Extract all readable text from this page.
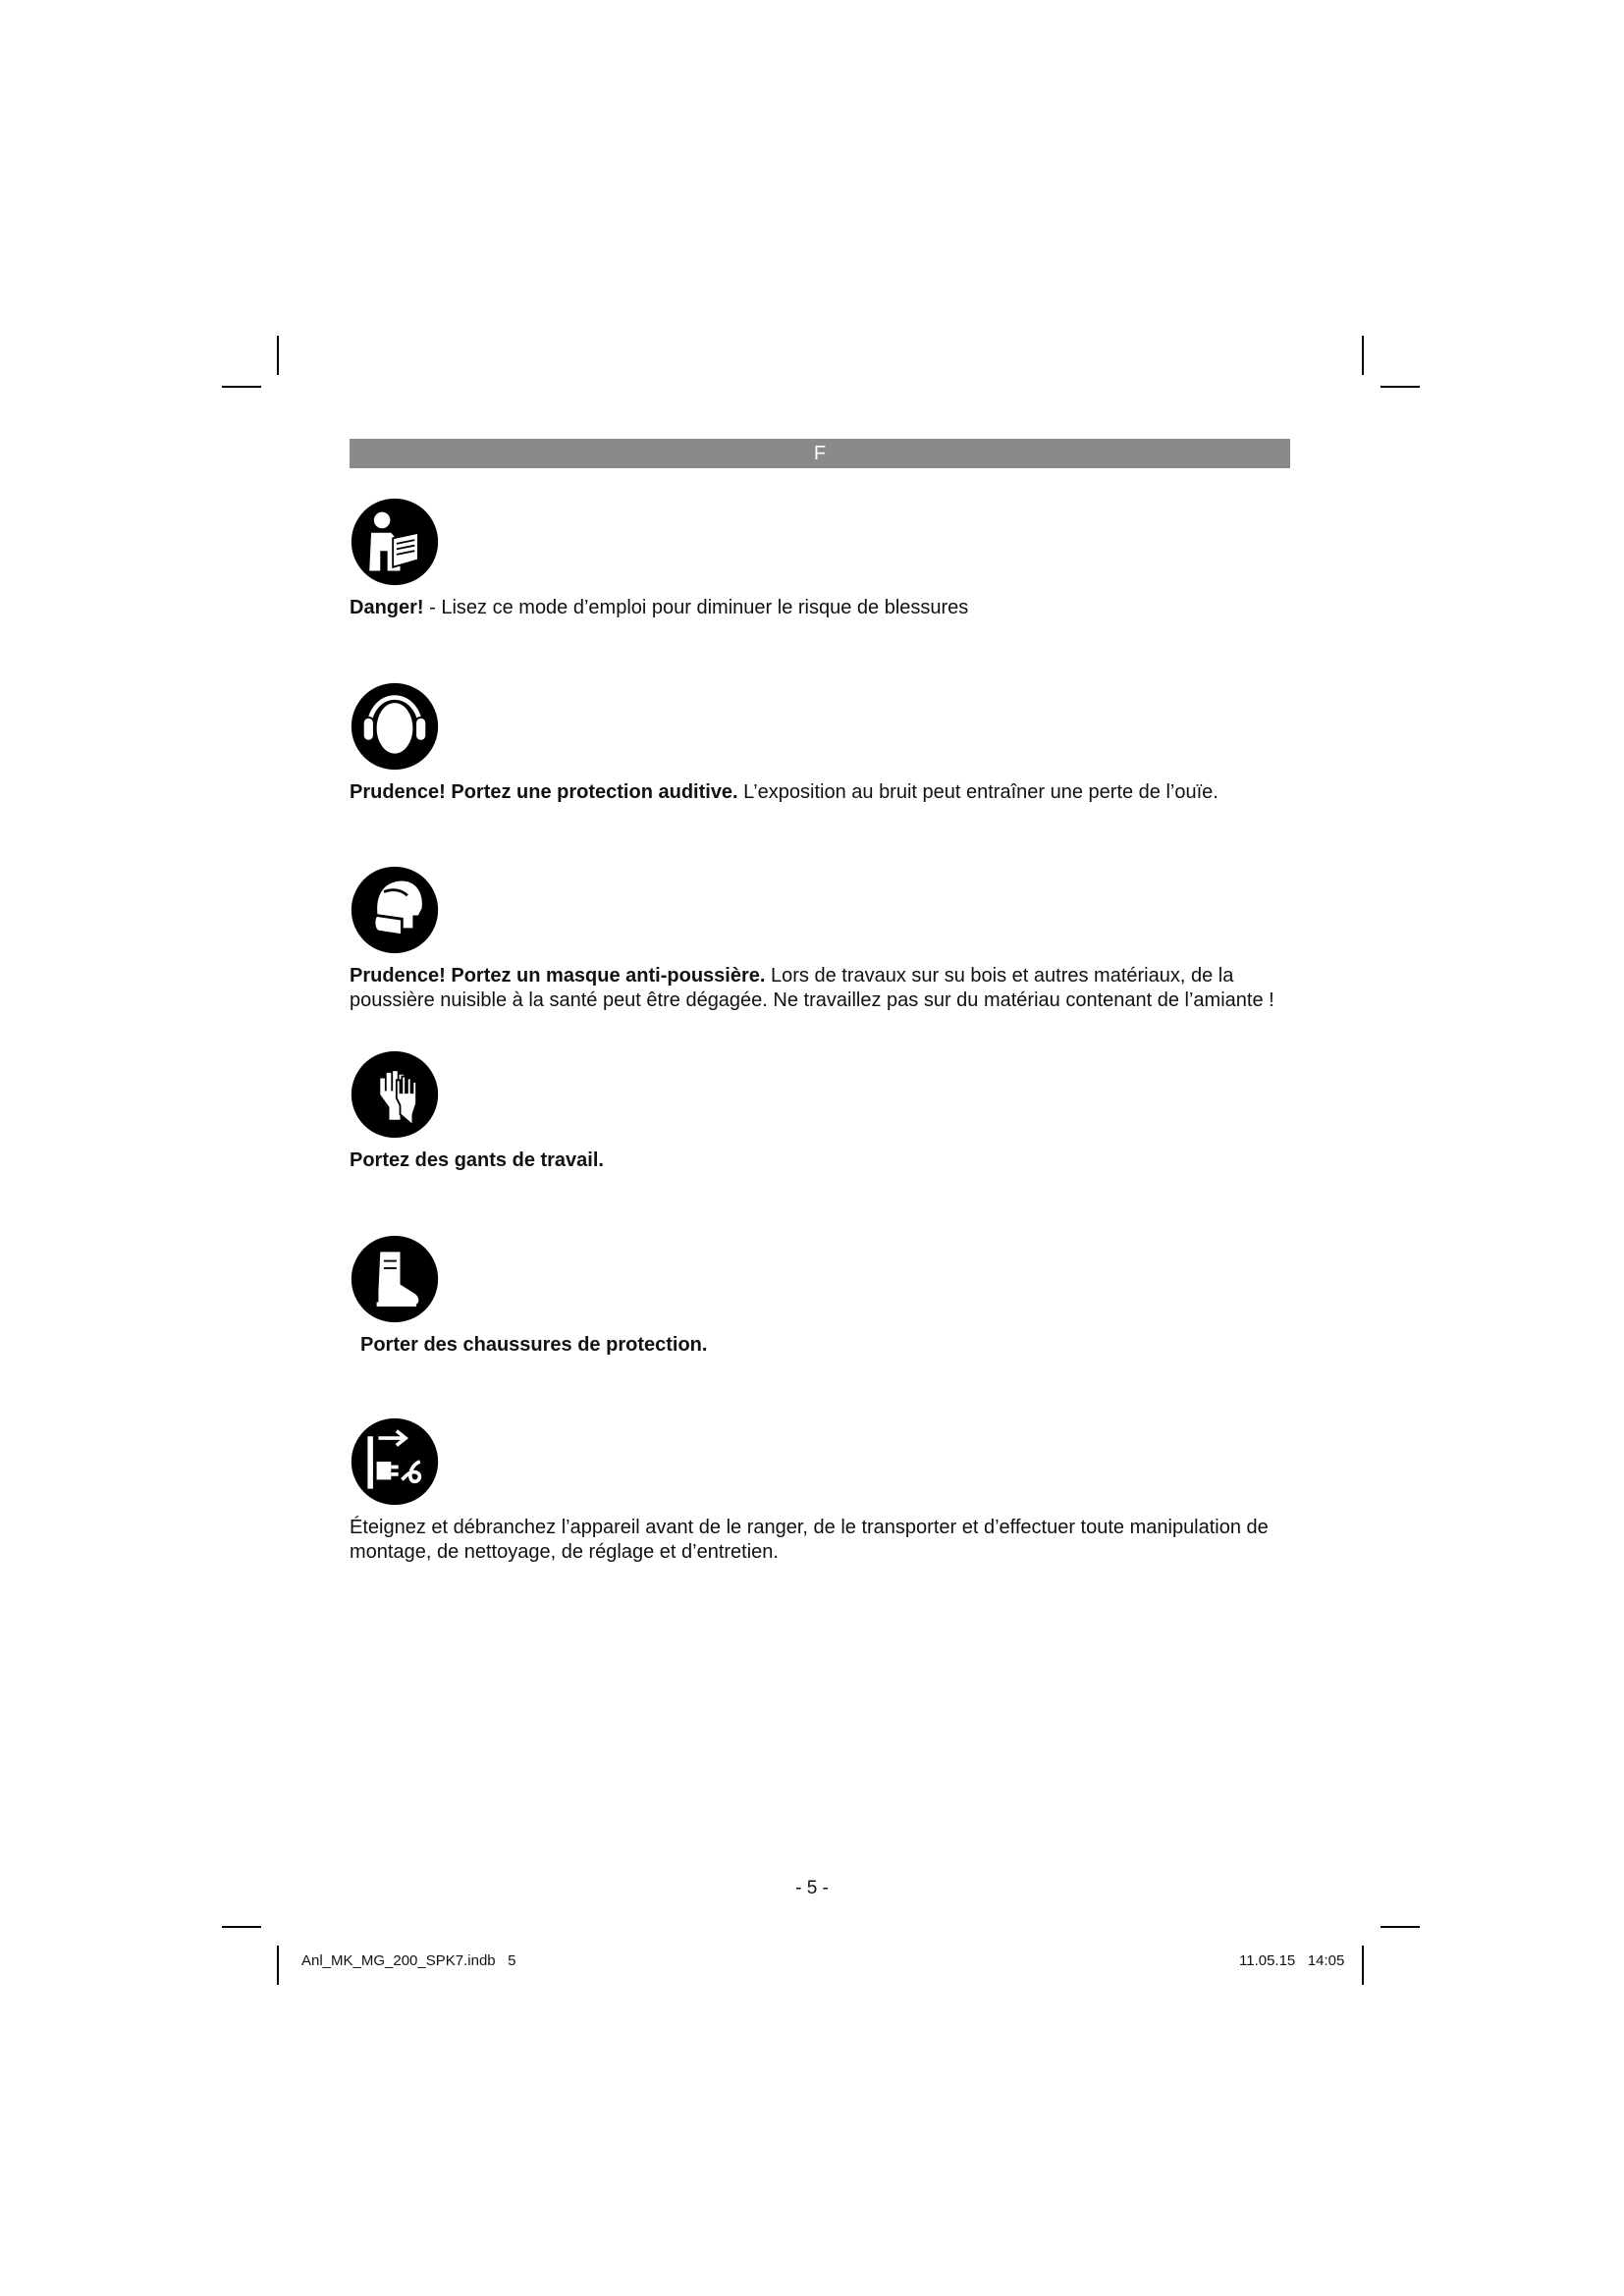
F
Danger! - Lisez ce mode d’emploi pour diminuer le risque de blessures
Prudence! Portez une protection auditive. L’exposition au bruit peut entraîner une perte de l’ouïe.
Prudence! Portez un masque anti-poussière. Lors de travaux sur su bois et autres matériaux, de la poussière nuisible à la santé peut être dégagée. Ne travaillez pas sur du matériau contenant de l’amiante !
Portez des gants de travail.
Porter des chaussures de protection.
Éteignez et débranchez l’appareil avant de le ranger, de le transporter et d’effectuer toute manipulation de montage, de nettoyage, de réglage et d’entretien.
- 5 -
Anl_MK_MG_200_SPK7.indb   5	11.05.15   14:05
